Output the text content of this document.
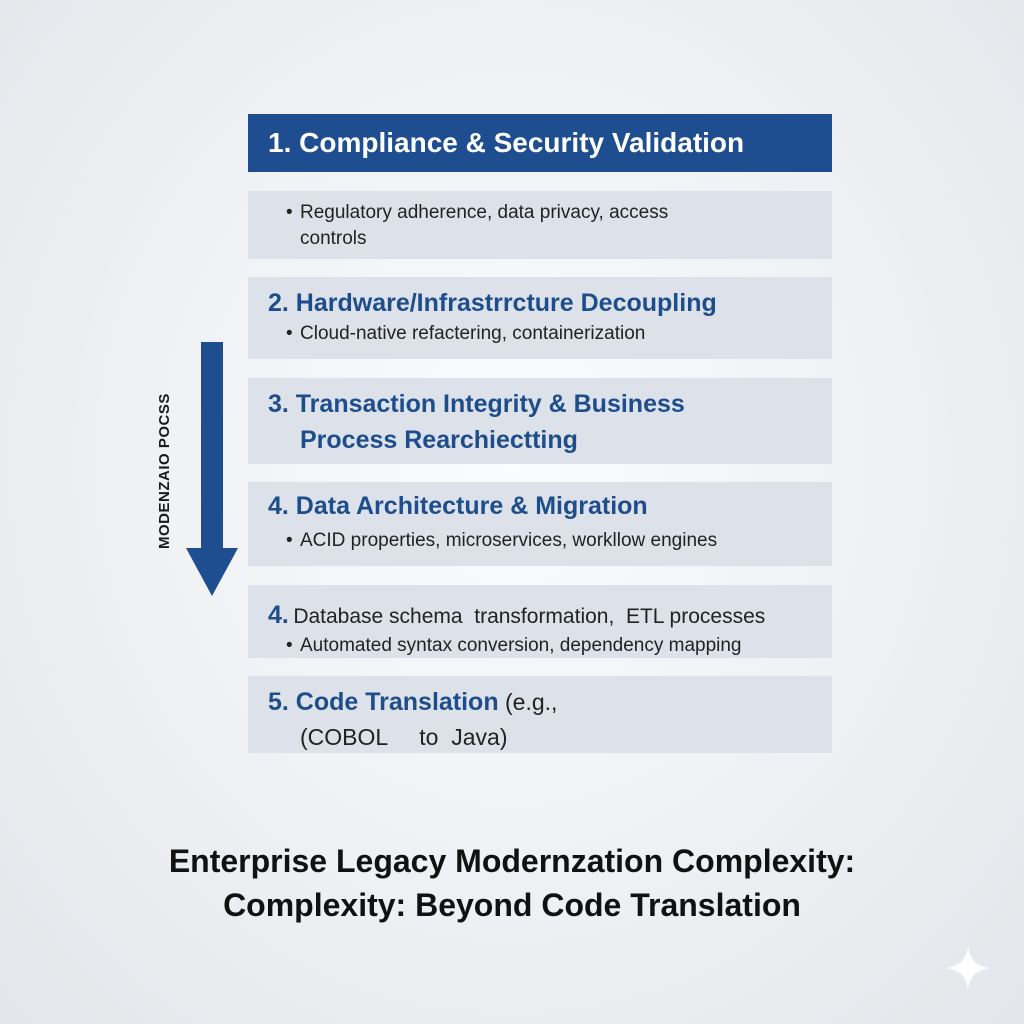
1. Compliance & Security Validation
• Regulatory adherence, data privacy, access
controls
2. Hardware/Infrastrrcture Decoupling
• Cloud-native refactering, containerization
3. Transaction Integrity & Business
Process Rearchiectting
4. Data Architecture & Migration
• ACID properties, microservices, workllow engines
4. Database schema  transformation,  ETL processes
• Automated syntax conversion, dependency mapping
5. Code Translation (e.g.,
(COBOL     to  Java)
MODENZAIO POCSS
Enterprise Legacy Modernzation Complexity:
Complexity: Beyond Code Translation
